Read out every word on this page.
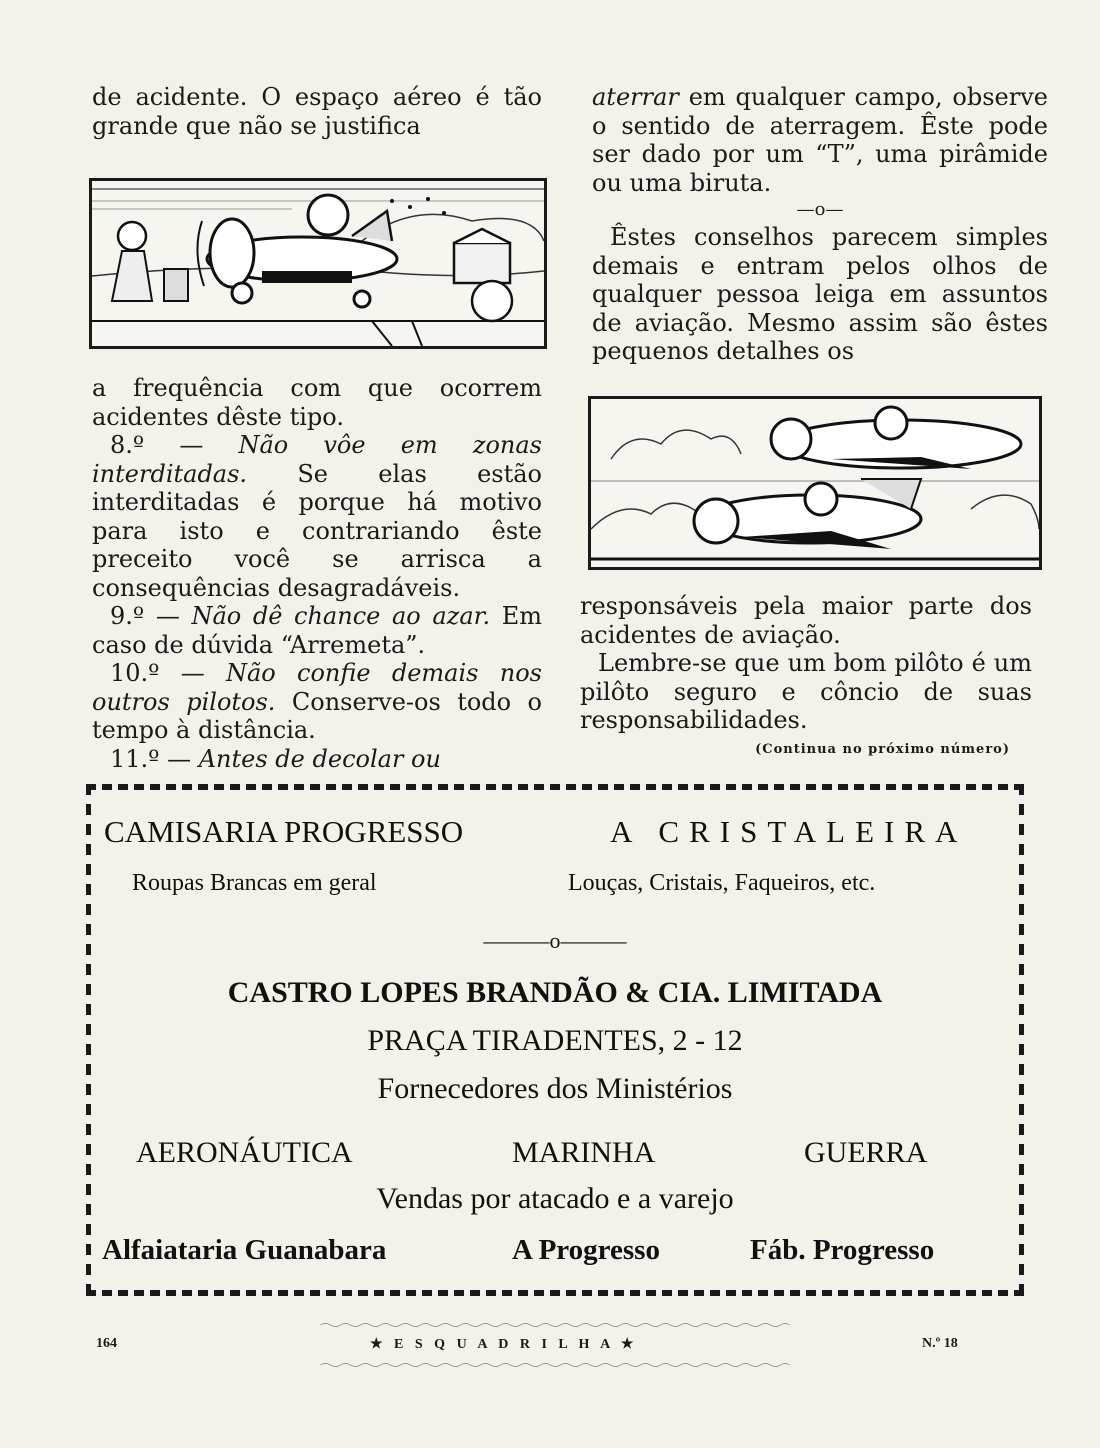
de acidente. O espaço aéreo é tão grande que não se justifica

a frequência com que ocorrem acidentes dêste tipo.

8.º — Não vôe em zonas interditadas. Se elas estão interditadas é porque há motivo para isto e contrariando êste preceito você se arrisca a consequências desagradáveis.

9.º — Não dê chance ao azar. Em caso de dúvida “Arremeta”.

10.º — Não confie demais nos outros pilotos. Conserve-os todo o tempo à distância.

11.º — Antes de decolar ou

aterrar em qualquer campo, observe o sentido de aterragem. Êste pode ser dado por um “T”, uma pirâmide ou uma biruta.

—o—

Êstes conselhos parecem simples demais e entram pelos olhos de qualquer pessoa leiga em assuntos de aviação. Mesmo assim são êstes pequenos detalhes os

responsáveis pela maior parte dos acidentes de aviação.

Lembre-se que um bom pilôto é um pilôto seguro e côncio de suas responsabilidades.

(Continua no próximo número)

CAMISARIA PROGRESSO
Roupas Brancas em geral
A CRISTALEIRA
Louças, Cristais, Faqueiros, etc.
———o———
CASTRO LOPES BRANDÃO & CIA. LIMITADA
PRAÇA TIRADENTES, 2 - 12
Fornecedores dos Ministérios
AERONÁUTICA	MARINHA	GUERRA
Vendas por atacado e a varejo
Alfaiataria Guanabara	A Progresso	Fáb. Progresso
164	★ E S Q U A D R I L H A ★	N.º 18
